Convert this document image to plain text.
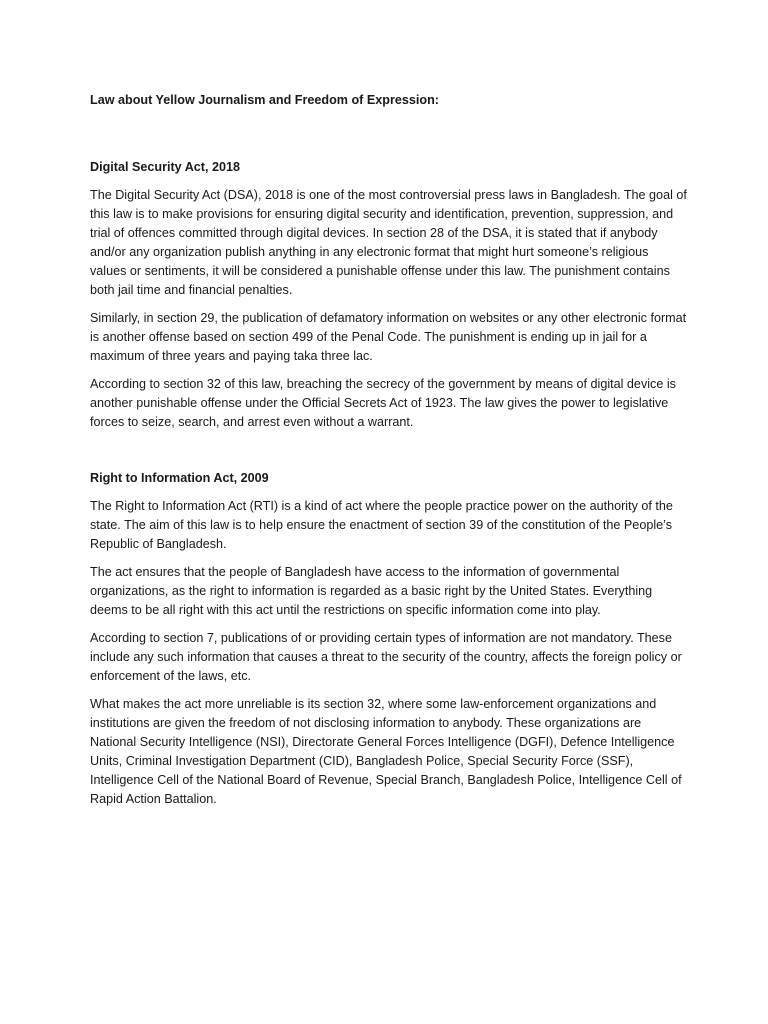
Law about Yellow Journalism and Freedom of Expression:

Digital Security Act, 2018

The Digital Security Act (DSA), 2018 is one of the most controversial press laws in Bangladesh. The goal of this law is to make provisions for ensuring digital security and identification, prevention, suppression, and trial of offences committed through digital devices. In section 28 of the DSA, it is stated that if anybody and/or any organization publish anything in any electronic format that might hurt someone’s religious values or sentiments, it will be considered a punishable offense under this law. The punishment contains both jail time and financial penalties.

Similarly, in section 29, the publication of defamatory information on websites or any other electronic format is another offense based on section 499 of the Penal Code. The punishment is ending up in jail for a maximum of three years and paying taka three lac.

According to section 32 of this law, breaching the secrecy of the government by means of digital device is another punishable offense under the Official Secrets Act of 1923. The law gives the power to legislative forces to seize, search, and arrest even without a warrant.

Right to Information Act, 2009

The Right to Information Act (RTI) is a kind of act where the people practice power on the authority of the state. The aim of this law is to help ensure the enactment of section 39 of the constitution of the People’s Republic of Bangladesh.

The act ensures that the people of Bangladesh have access to the information of governmental organizations, as the right to information is regarded as a basic right by the United States. Everything deems to be all right with this act until the restrictions on specific information come into play.

According to section 7, publications of or providing certain types of information are not mandatory. These include any such information that causes a threat to the security of the country, affects the foreign policy or enforcement of the laws, etc.

What makes the act more unreliable is its section 32, where some law-enforcement organizations and institutions are given the freedom of not disclosing information to anybody. These organizations are National Security Intelligence (NSI), Directorate General Forces Intelligence (DGFI), Defence Intelligence Units, Criminal Investigation Department (CID), Bangladesh Police, Special Security Force (SSF), Intelligence Cell of the National Board of Revenue, Special Branch, Bangladesh Police, Intelligence Cell of Rapid Action Battalion.
